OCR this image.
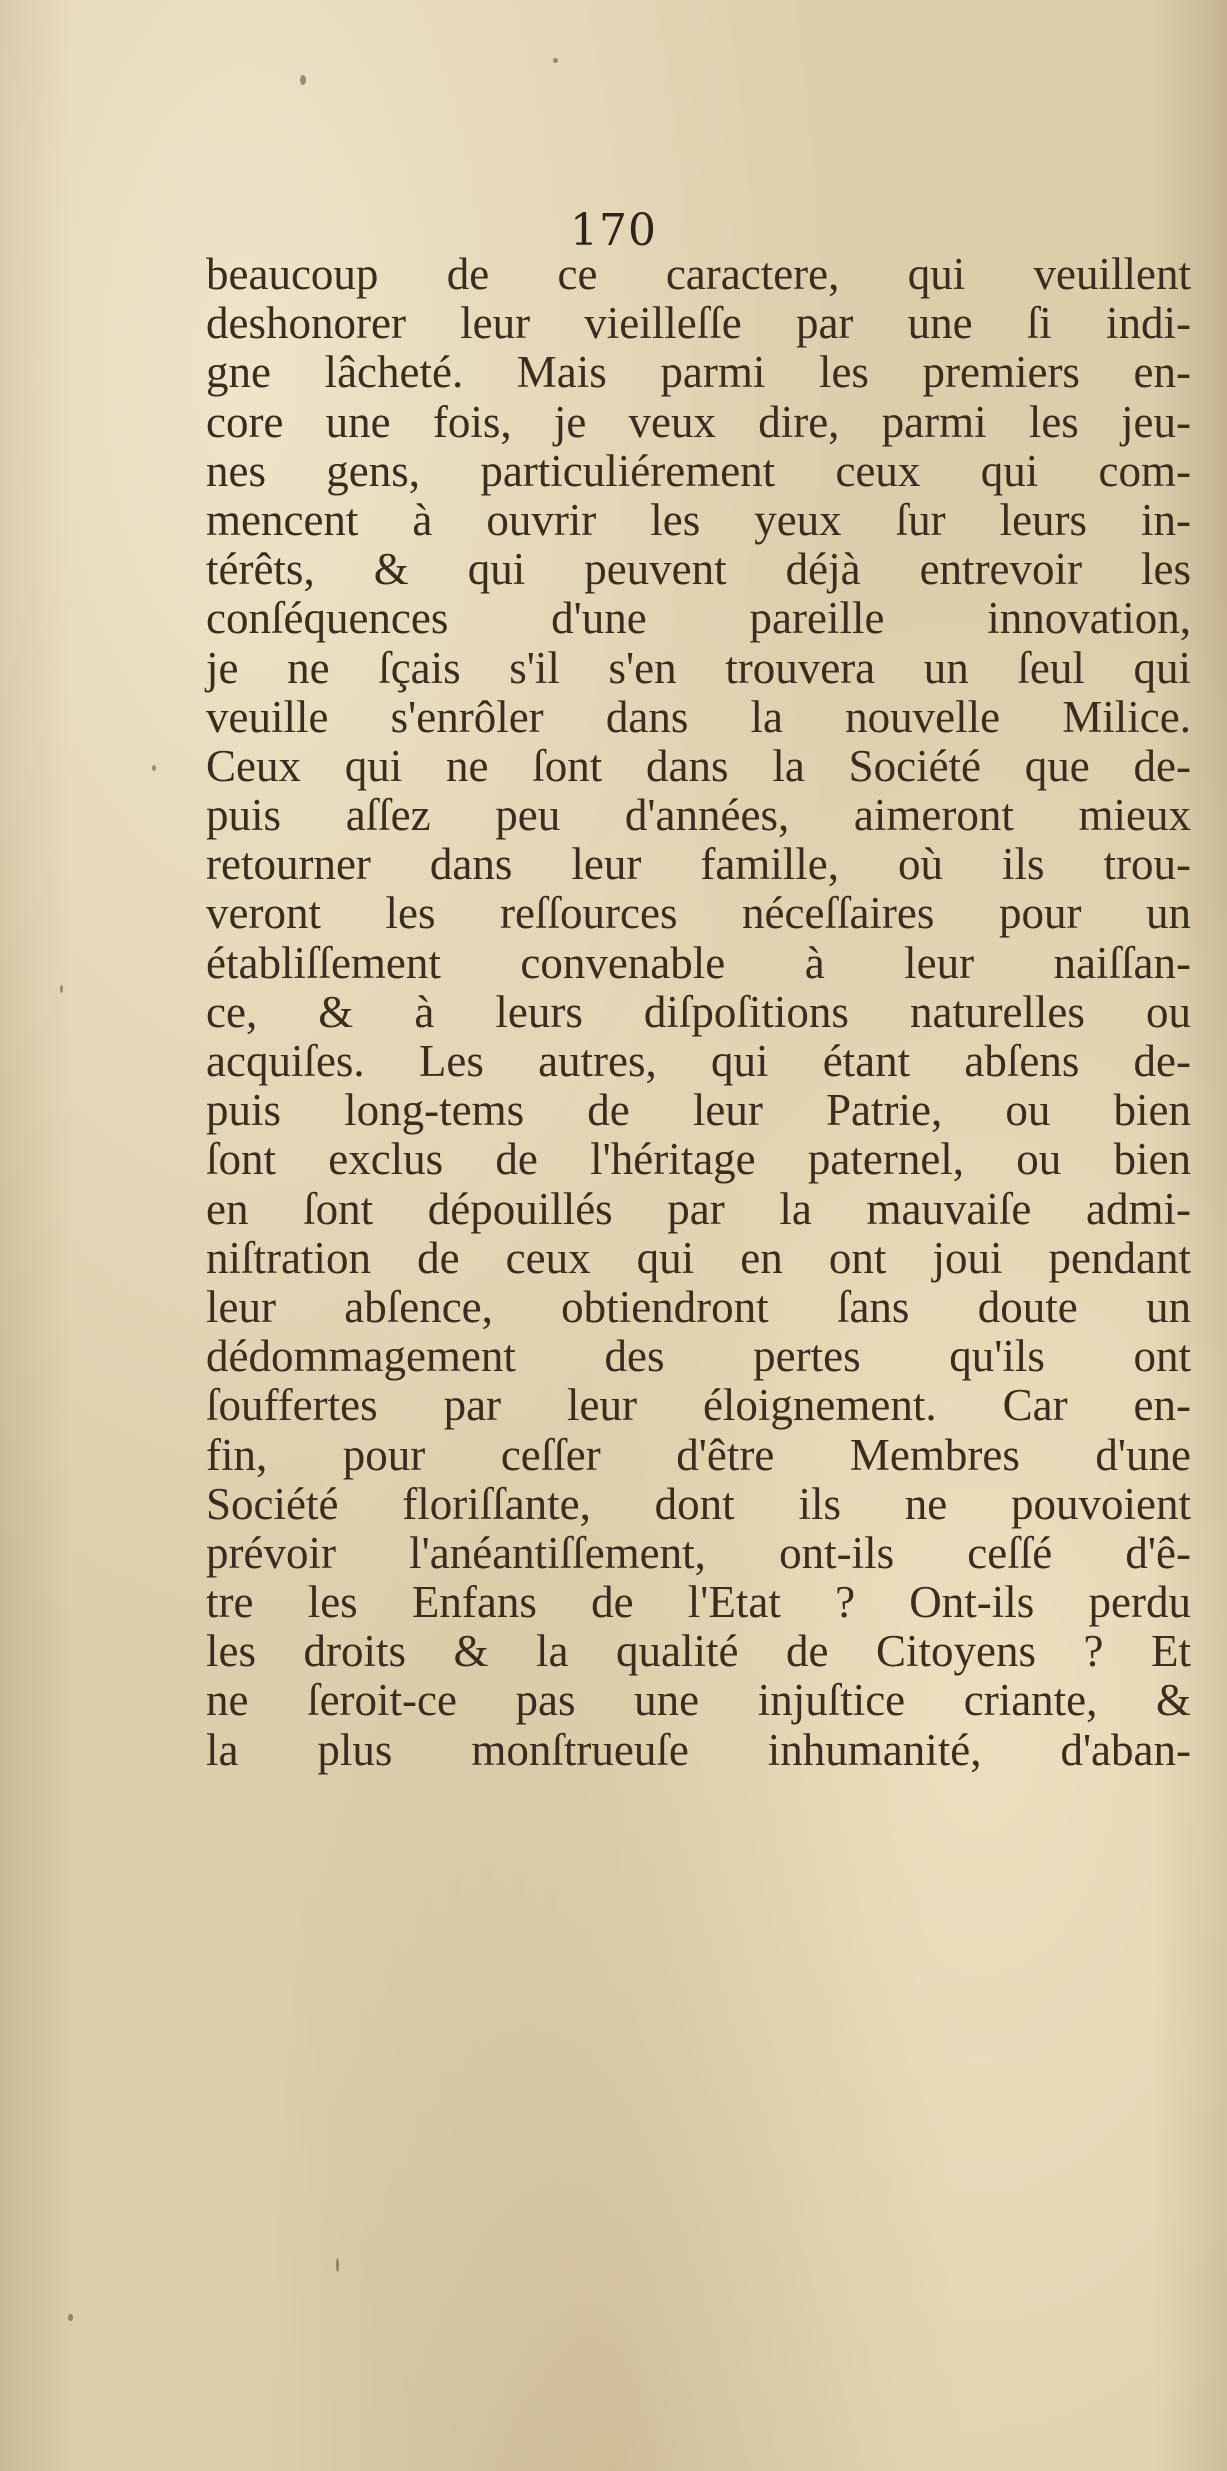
170
beaucoup de ce caractere, qui veuillent
deshonorer leur vieilleſſe par une ſi indi-
gne lâcheté. Mais parmi les premiers en-
core une fois, je veux dire, parmi les jeu-
nes gens, particuliérement ceux qui com-
mencent à ouvrir les yeux ſur leurs in-
térêts, & qui peuvent déjà entrevoir les
conſéquences d'une pareille innovation,
je ne ſçais s'il s'en trouvera un ſeul qui
veuille s'enrôler dans la nouvelle Milice.
Ceux qui ne ſont dans la Société que de-
puis aſſez peu d'années, aimeront mieux
retourner dans leur famille, où ils trou-
veront les reſſources néceſſaires pour un
établiſſement convenable à leur naiſſan-
ce, & à leurs diſpoſitions naturelles ou
acquiſes. Les autres, qui étant abſens de-
puis long-tems de leur Patrie, ou bien
ſont exclus de l'héritage paternel, ou bien
en ſont dépouillés par la mauvaiſe admi-
niſtration de ceux qui en ont joui pendant
leur abſence, obtiendront ſans doute un
dédommagement des pertes qu'ils ont
ſouffertes par leur éloignement. Car en-
fin, pour ceſſer d'être Membres d'une
Société floriſſante, dont ils ne pouvoient
prévoir l'anéantiſſement, ont-ils ceſſé d'ê-
tre les Enfans de l'Etat ? Ont-ils perdu
les droits & la qualité de Citoyens ? Et
ne ſeroit-ce pas une injuſtice criante, &
la plus monſtrueuſe inhumanité, d'aban-
